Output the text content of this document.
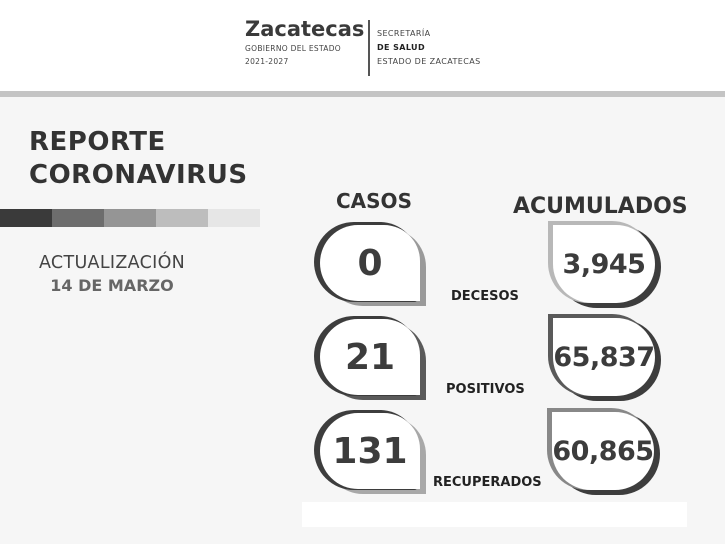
Zacatecas
GOBIERNO DEL ESTADO
2021-2027
SECRETARÍA
DE SALUD
ESTADO DE ZACATECAS
REPORTE
CORONAVIRUS
ACTUALIZACIÓN
14 DE MARZO
CASOS	ACUMULADOS
0
DECESOS
3,945
21
POSITIVOS
65,837
131
RECUPERADOS
60,865
